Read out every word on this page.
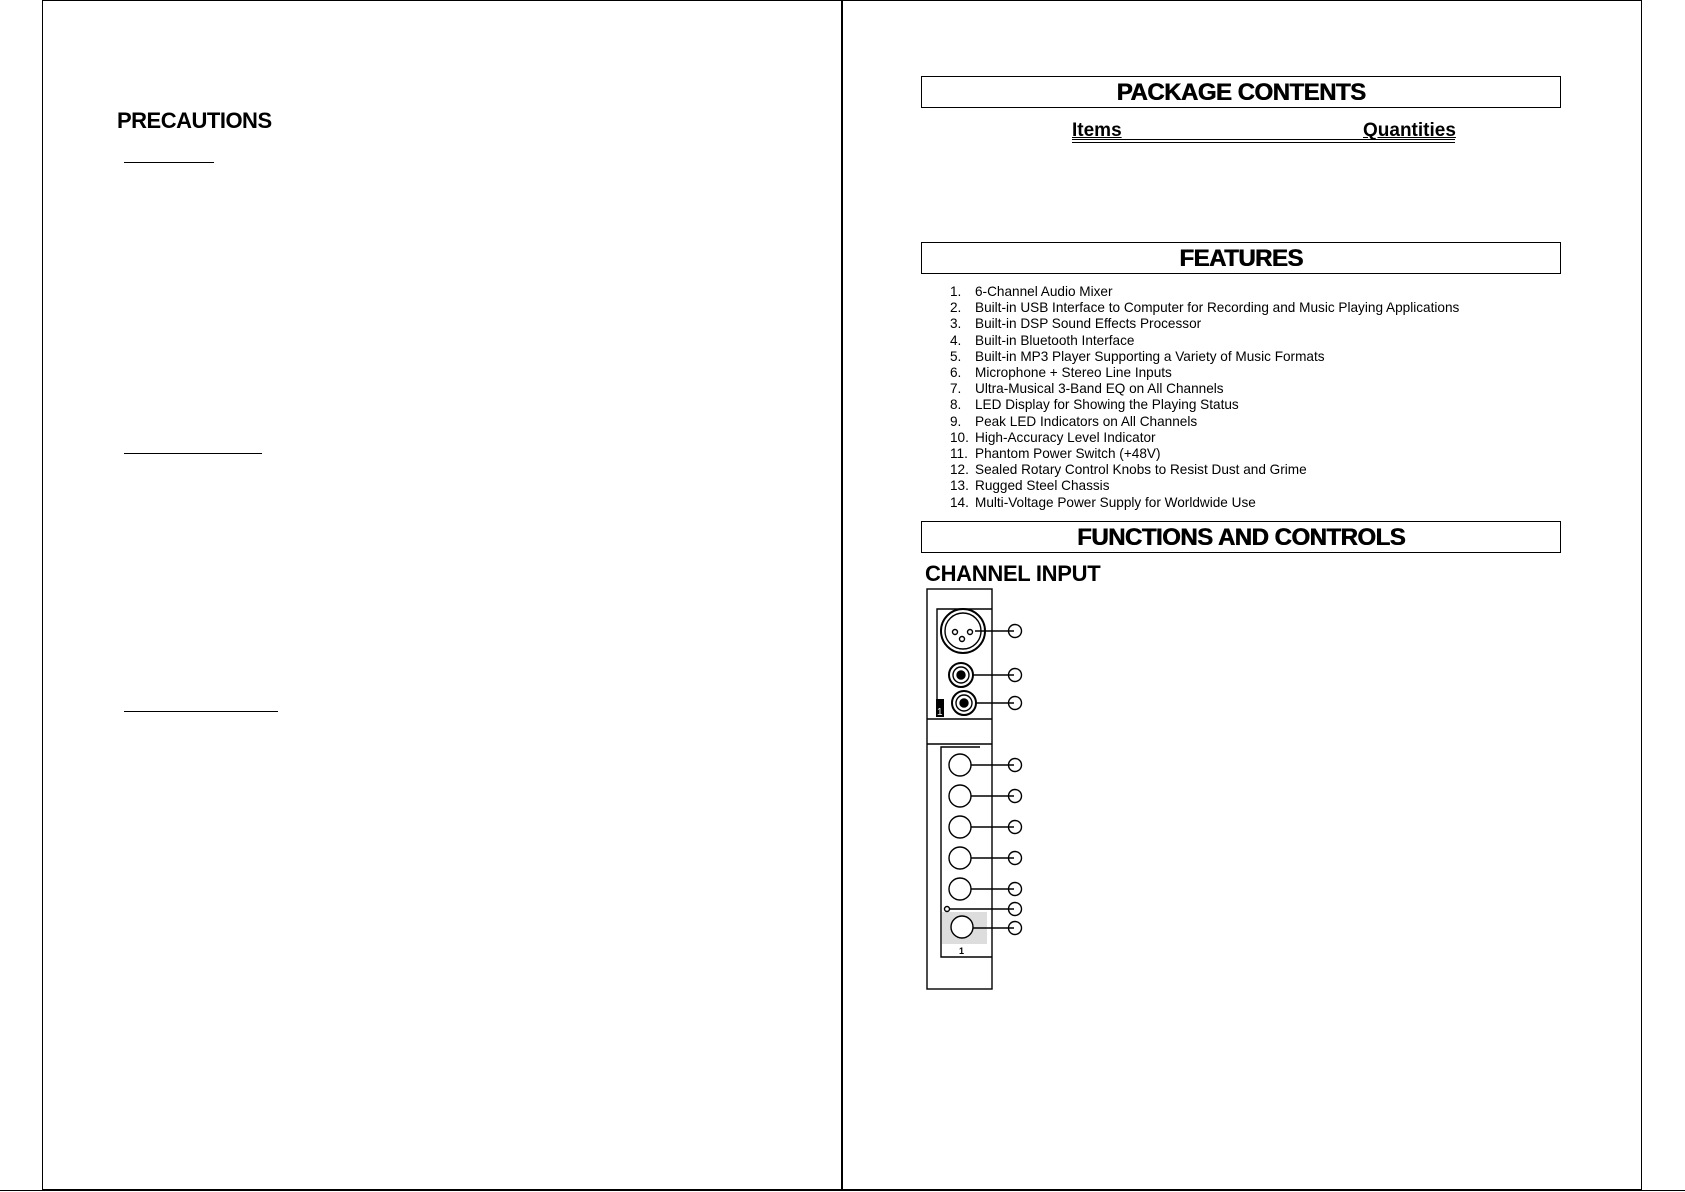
PRECAUTIONS
PACKAGE CONTENTS
Items	Quantities
FEATURES
1. 6-Channel Audio Mixer
2. Built-in USB Interface to Computer for Recording and Music Playing Applications
3. Built-in DSP Sound Effects Processor
4. Built-in Bluetooth Interface
5. Built-in MP3 Player Supporting a Variety of Music Formats
6. Microphone + Stereo Line Inputs
7. Ultra-Musical 3-Band EQ on All Channels
8. LED Display for Showing the Playing Status
9. Peak LED Indicators on All Channels
10. High-Accuracy Level Indicator
11. Phantom Power Switch (+48V)
12. Sealed Rotary Control Knobs to Resist Dust and Grime
13. Rugged Steel Chassis
14. Multi-Voltage Power Supply for Worldwide Use
FUNCTIONS AND CONTROLS
CHANNEL INPUT
1
1
